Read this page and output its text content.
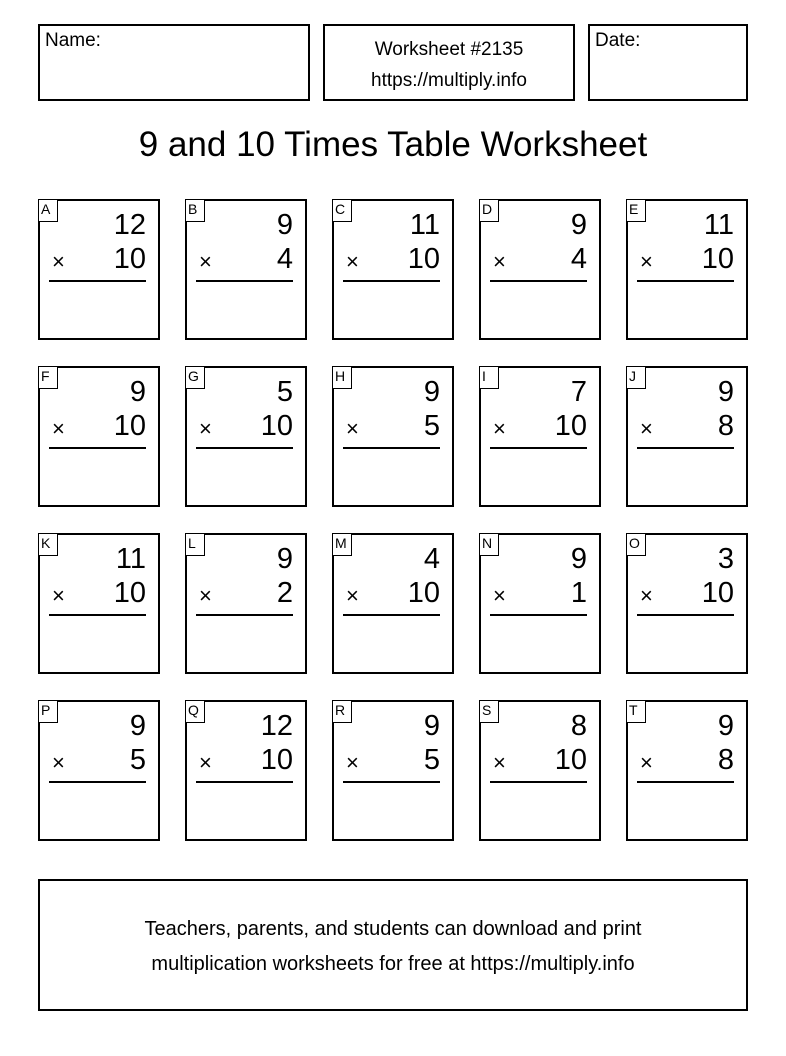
Name:	Worksheet #2135
https://multiply.info
Date:
9 and 10 Times Table Worksheet
A 12
× 10
B	9
× 4
C 11
× 10
D	9
× 4
E 11
× 10
F	9
× 10
G	5
× 10
H	9
× 5
I	7
× 10
J	9
× 8
K 11
× 10
L	9
× 2
M	4
× 10
N	9
× 1
O	3
× 10
P	9
× 5
Q 12
× 10
R	9
× 5
S	8
× 10
T	9
× 8
Teachers, parents, and students can download and print
multiplication worksheets for free at https://multiply.info
